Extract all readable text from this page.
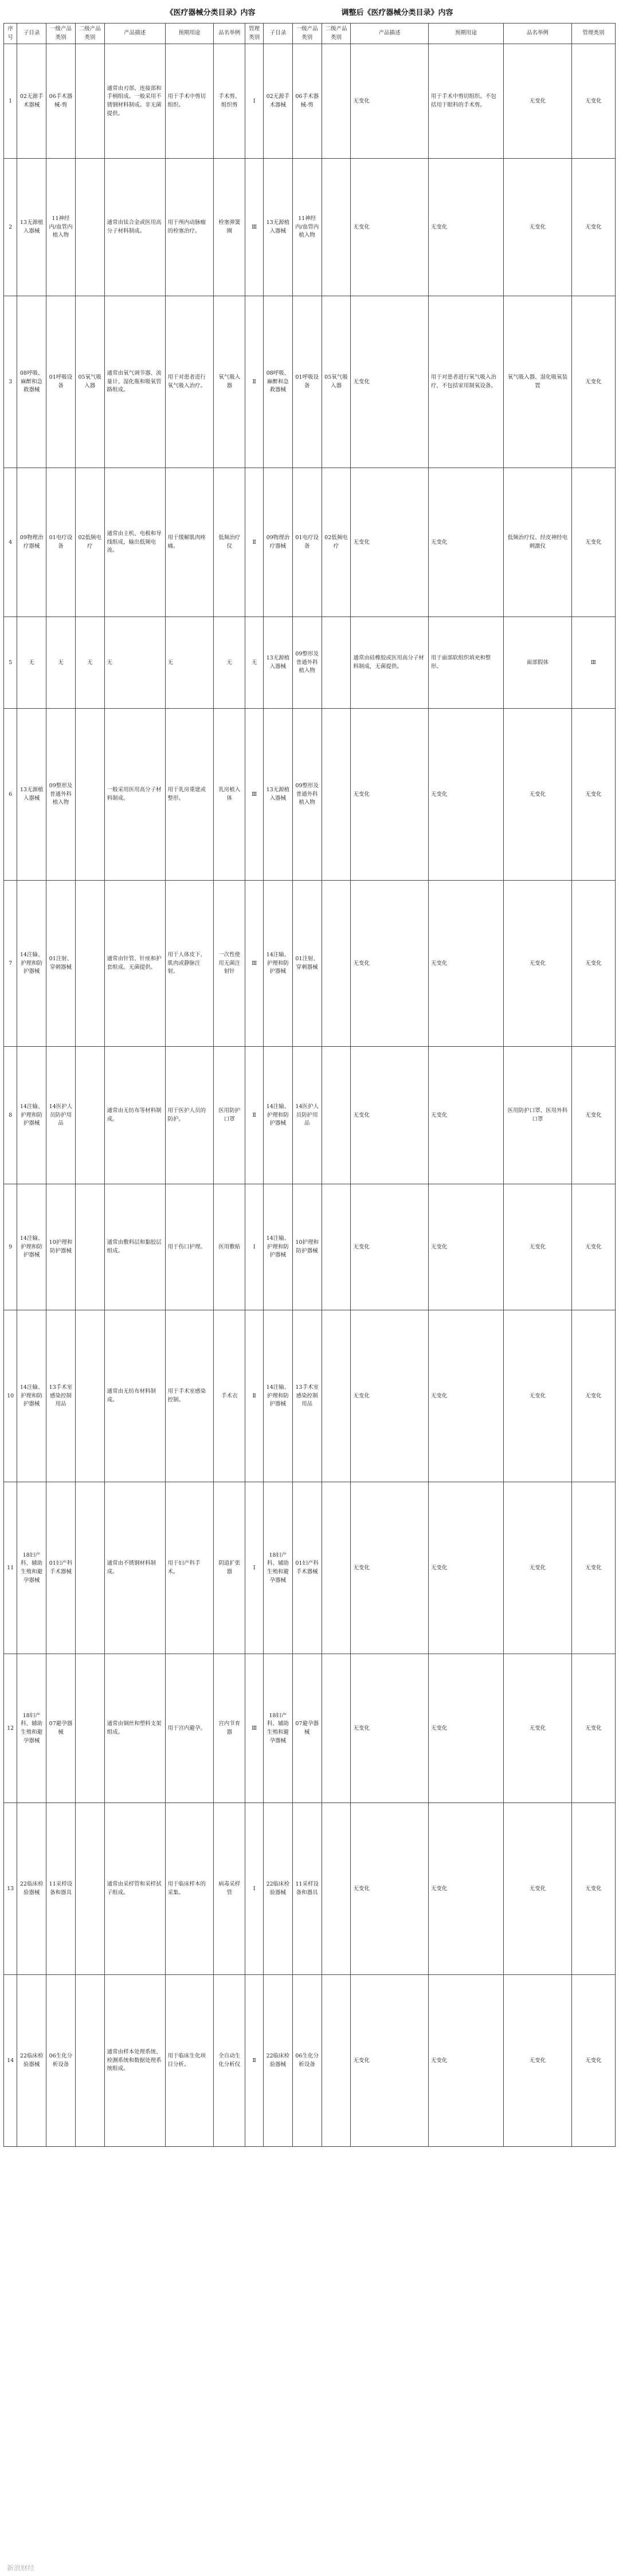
《医疗器械分类目录》内容	调整后《医疗器械分类目录》内容
序号	子目录	一级产品类别	二级产品类别	产品描述	预期用途	品名举例	管理类别	子目录	一级产品类别	二级产品类别	产品描述	预期用途	品名举例	管理类别
1	02无源手术器械	06手术器械-剪		通常由刃部、连接部和手柄组成。一般采用不锈钢材料制成。非无菌提供。	用于手术中剪切组织。	手术剪、组织剪	Ⅰ	02无源手术器械	06手术器械-剪		无变化	用于手术中剪切组织。不包括用于眼科的手术剪。	无变化	无变化
2	13无源植入器械	11神经内/血管内植入物		通常由钛合金或医用高分子材料制成。	用于颅内动脉瘤的栓塞治疗。	栓塞弹簧圈	Ⅲ	13无源植入器械	11神经内/血管内植入物		无变化	无变化	无变化	无变化
3	08呼吸、麻醉和急救器械	01呼吸设备	05氧气吸入器	通常由氧气调节器、流量计、湿化瓶和吸氧管路组成。	用于对患者进行氧气吸入治疗。	氧气吸入器	Ⅱ	08呼吸、麻醉和急救器械	01呼吸设备	05氧气吸入器	无变化	用于对患者进行氧气吸入治疗，不包括家用制氧设备。	氧气吸入器、湿化吸氧装置	无变化
4	09物理治疗器械	01电疗设备	02低频电疗	通常由主机、电极和导线组成，输出低频电流。	用于缓解肌肉疼痛。	低频治疗仪	Ⅱ	09物理治疗器械	01电疗设备	02低频电疗	无变化	无变化	低频治疗仪、经皮神经电刺激仪	无变化
5	无	无	无	无	无	无	无	13无源植入器械	09整形及普通外科植入物		通常由硅橡胶或医用高分子材料制成，无菌提供。	用于面部软组织填充和整形。	面部假体	Ⅲ
6	13无源植入器械	09整形及普通外科植入物		一般采用医用高分子材料制成。	用于乳房重建或整形。	乳房植入体	Ⅲ	13无源植入器械	09整形及普通外科植入物		无变化	无变化	无变化	无变化
7	14注输、护理和防护器械	01注射、穿刺器械		通常由针管、针座和护套组成。无菌提供。	用于人体皮下、肌肉或静脉注射。	一次性使用无菌注射针	Ⅲ	14注输、护理和防护器械	01注射、穿刺器械		无变化	无变化	无变化	无变化
8	14注输、护理和防护器械	14医护人员防护用品		通常由无纺布等材料制成。	用于医护人员的防护。	医用防护口罩	Ⅱ	14注输、护理和防护器械	14医护人员防护用品		无变化	无变化	医用防护口罩、医用外科口罩	无变化
9	14注输、护理和防护器械	10护理和防护器械		通常由敷料层和黏胶层组成。	用于伤口护理。	医用敷贴	Ⅰ	14注输、护理和防护器械	10护理和防护器械		无变化	无变化	无变化	无变化
10	14注输、护理和防护器械	13手术室感染控制用品		通常由无纺布材料制成。	用于手术室感染控制。	手术衣	Ⅱ	14注输、护理和防护器械	13手术室感染控制用品		无变化	无变化	无变化	无变化
11	18妇产科、辅助生殖和避孕器械	01妇产科手术器械		通常由不锈钢材料制成。	用于妇产科手术。	阴道扩张器	Ⅰ	18妇产科、辅助生殖和避孕器械	01妇产科手术器械		无变化	无变化	无变化	无变化
12	18妇产科、辅助生殖和避孕器械	07避孕器械		通常由铜丝和塑料支架组成。	用于宫内避孕。	宫内节育器	Ⅲ	18妇产科、辅助生殖和避孕器械	07避孕器械		无变化	无变化	无变化	无变化
13	22临床检验器械	11采样设备和器具		通常由采样管和采样拭子组成。	用于临床样本的采集。	病毒采样管	Ⅰ	22临床检验器械	11采样设备和器具		无变化	无变化	无变化	无变化
14	22临床检验器械	06生化分析设备		通常由样本处理系统、检测系统和数据处理系统组成。	用于临床生化项目分析。	全自动生化分析仪	Ⅱ	22临床检验器械	06生化分析设备		无变化	无变化	无变化	无变化
新浪财经
